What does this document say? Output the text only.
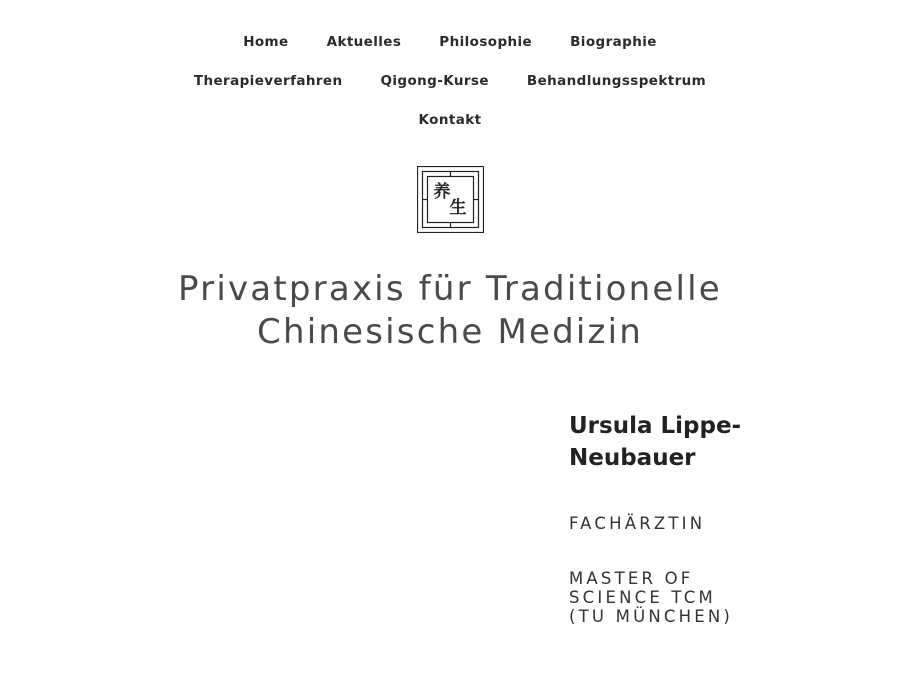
Home	Aktuelles	Philosophie	Biographie
Therapieverfahren	Qigong-Kurse	Behandlungsspektrum
Kontakt
养
生
Privatpraxis für Traditionelle
Chinesische Medizin
Ursula Lippe-Neubauer

FACHÄRZTIN

MASTER OF SCIENCE TCM (TU MÜNCHEN)
